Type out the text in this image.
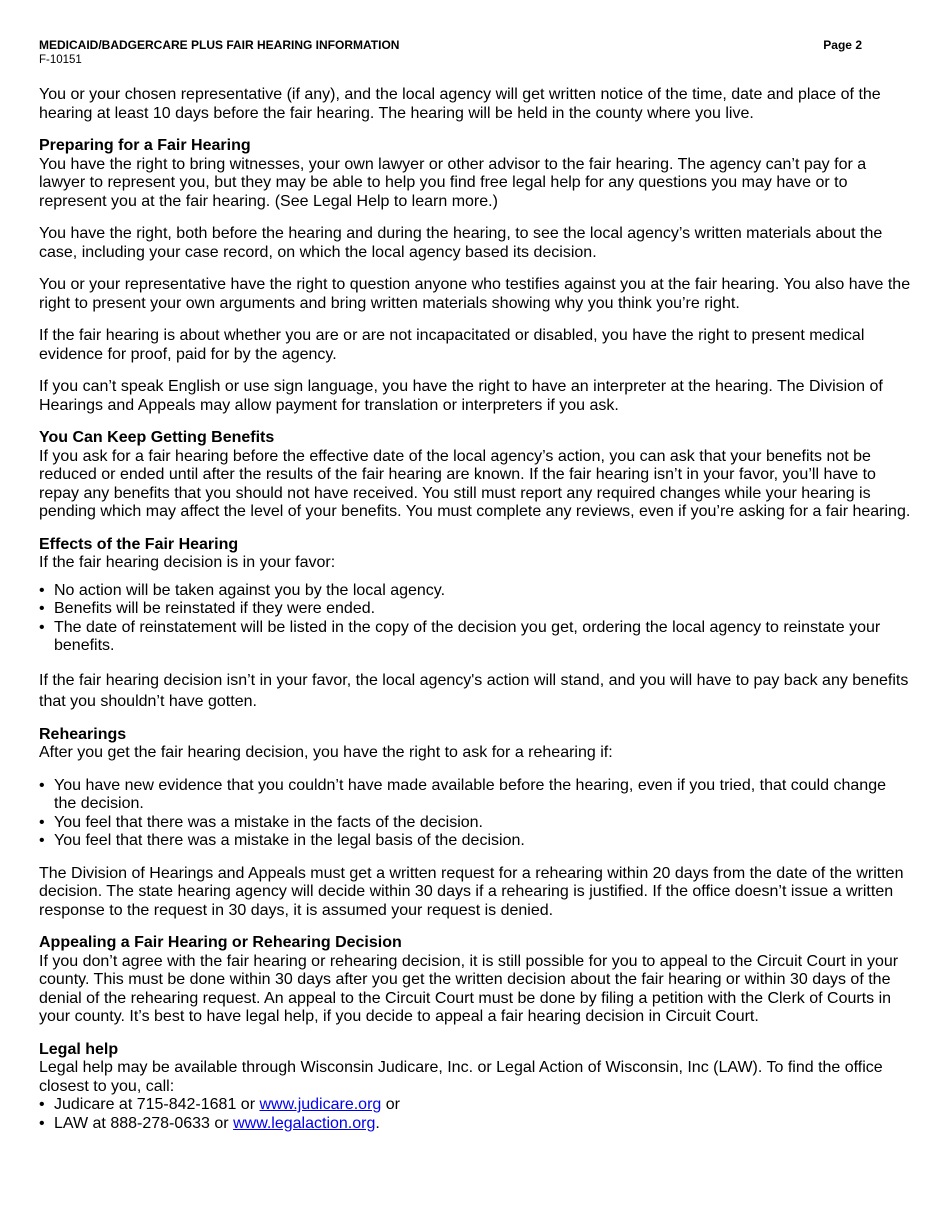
MEDICAID/BADGERCARE PLUS FAIR HEARING INFORMATION	Page 2
F-10151

You or your chosen representative (if any), and the local agency will get written notice of the time, date and place of the hearing at least 10 days before the fair hearing. The hearing will be held in the county where you live.

Preparing for a Fair Hearing

You have the right to bring witnesses, your own lawyer or other advisor to the fair hearing. The agency can’t pay for a lawyer to represent you, but they may be able to help you find free legal help for any questions you may have or to represent you at the fair hearing. (See Legal Help to learn more.)

You have the right, both before the hearing and during the hearing, to see the local agency’s written materials about the case, including your case record, on which the local agency based its decision.

You or your representative have the right to question anyone who testifies against you at the fair hearing. You also have the right to present your own arguments and bring written materials showing why you think you’re right.

If the fair hearing is about whether you are or are not incapacitated or disabled, you have the right to present medical evidence for proof, paid for by the agency.

If you can’t speak English or use sign language, you have the right to have an interpreter at the hearing. The Division of Hearings and Appeals may allow payment for translation or interpreters if you ask.

You Can Keep Getting Benefits

If you ask for a fair hearing before the effective date of the local agency’s action, you can ask that your benefits not be reduced or ended until after the results of the fair hearing are known. If the fair hearing isn’t in your favor, you’ll have to repay any benefits that you should not have received. You still must report any required changes while your hearing is pending which may affect the level of your benefits. You must complete any reviews, even if you’re asking for a fair hearing.

Effects of the Fair Hearing

If the fair hearing decision is in your favor:

• No action will be taken against you by the local agency.
• Benefits will be reinstated if they were ended.
• The date of reinstatement will be listed in the copy of the decision you get, ordering the local agency to reinstate your benefits.

If the fair hearing decision isn’t in your favor, the local agency's action will stand, and you will have to pay back any benefits that you shouldn’t have gotten.

Rehearings

After you get the fair hearing decision, you have the right to ask for a rehearing if:

• You have new evidence that you couldn’t have made available before the hearing, even if you tried, that could change the decision.
• You feel that there was a mistake in the facts of the decision.
• You feel that there was a mistake in the legal basis of the decision.

The Division of Hearings and Appeals must get a written request for a rehearing within 20 days from the date of the written decision. The state hearing agency will decide within 30 days if a rehearing is justified. If the office doesn’t issue a written response to the request in 30 days, it is assumed your request is denied.

Appealing a Fair Hearing or Rehearing Decision

If you don’t agree with the fair hearing or rehearing decision, it is still possible for you to appeal to the Circuit Court in your county. This must be done within 30 days after you get the written decision about the fair hearing or within 30 days of the denial of the rehearing request. An appeal to the Circuit Court must be done by filing a petition with the Clerk of Courts in your county. It’s best to have legal help, if you decide to appeal a fair hearing decision in Circuit Court.

Legal help

Legal help may be available through Wisconsin Judicare, Inc. or Legal Action of Wisconsin, Inc (LAW). To find the office closest to you, call:

• Judicare at 715-842-1681 or www.judicare.org or
• LAW at 888-278-0633 or www.legalaction.org.
